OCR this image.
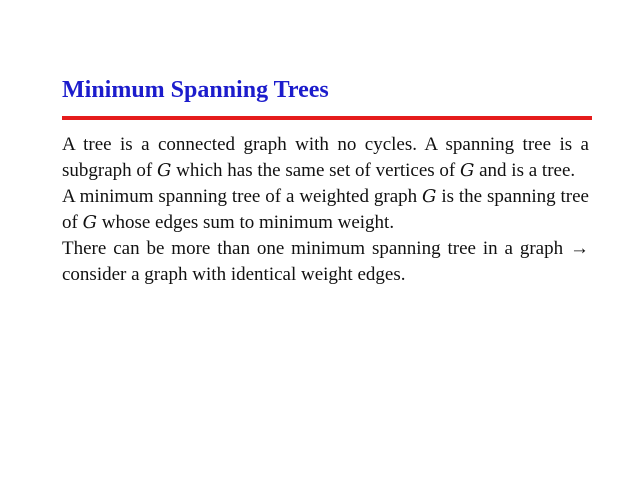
Minimum Spanning Trees

A tree is a connected graph with no cycles. A spanning tree is a subgraph of G which has the same set of vertices of G and is a tree.

A minimum spanning tree of a weighted graph G is the spanning tree of G whose edges sum to minimum weight.

There can be more than one minimum spanning tree in a graph → consider a graph with identical weight edges.
